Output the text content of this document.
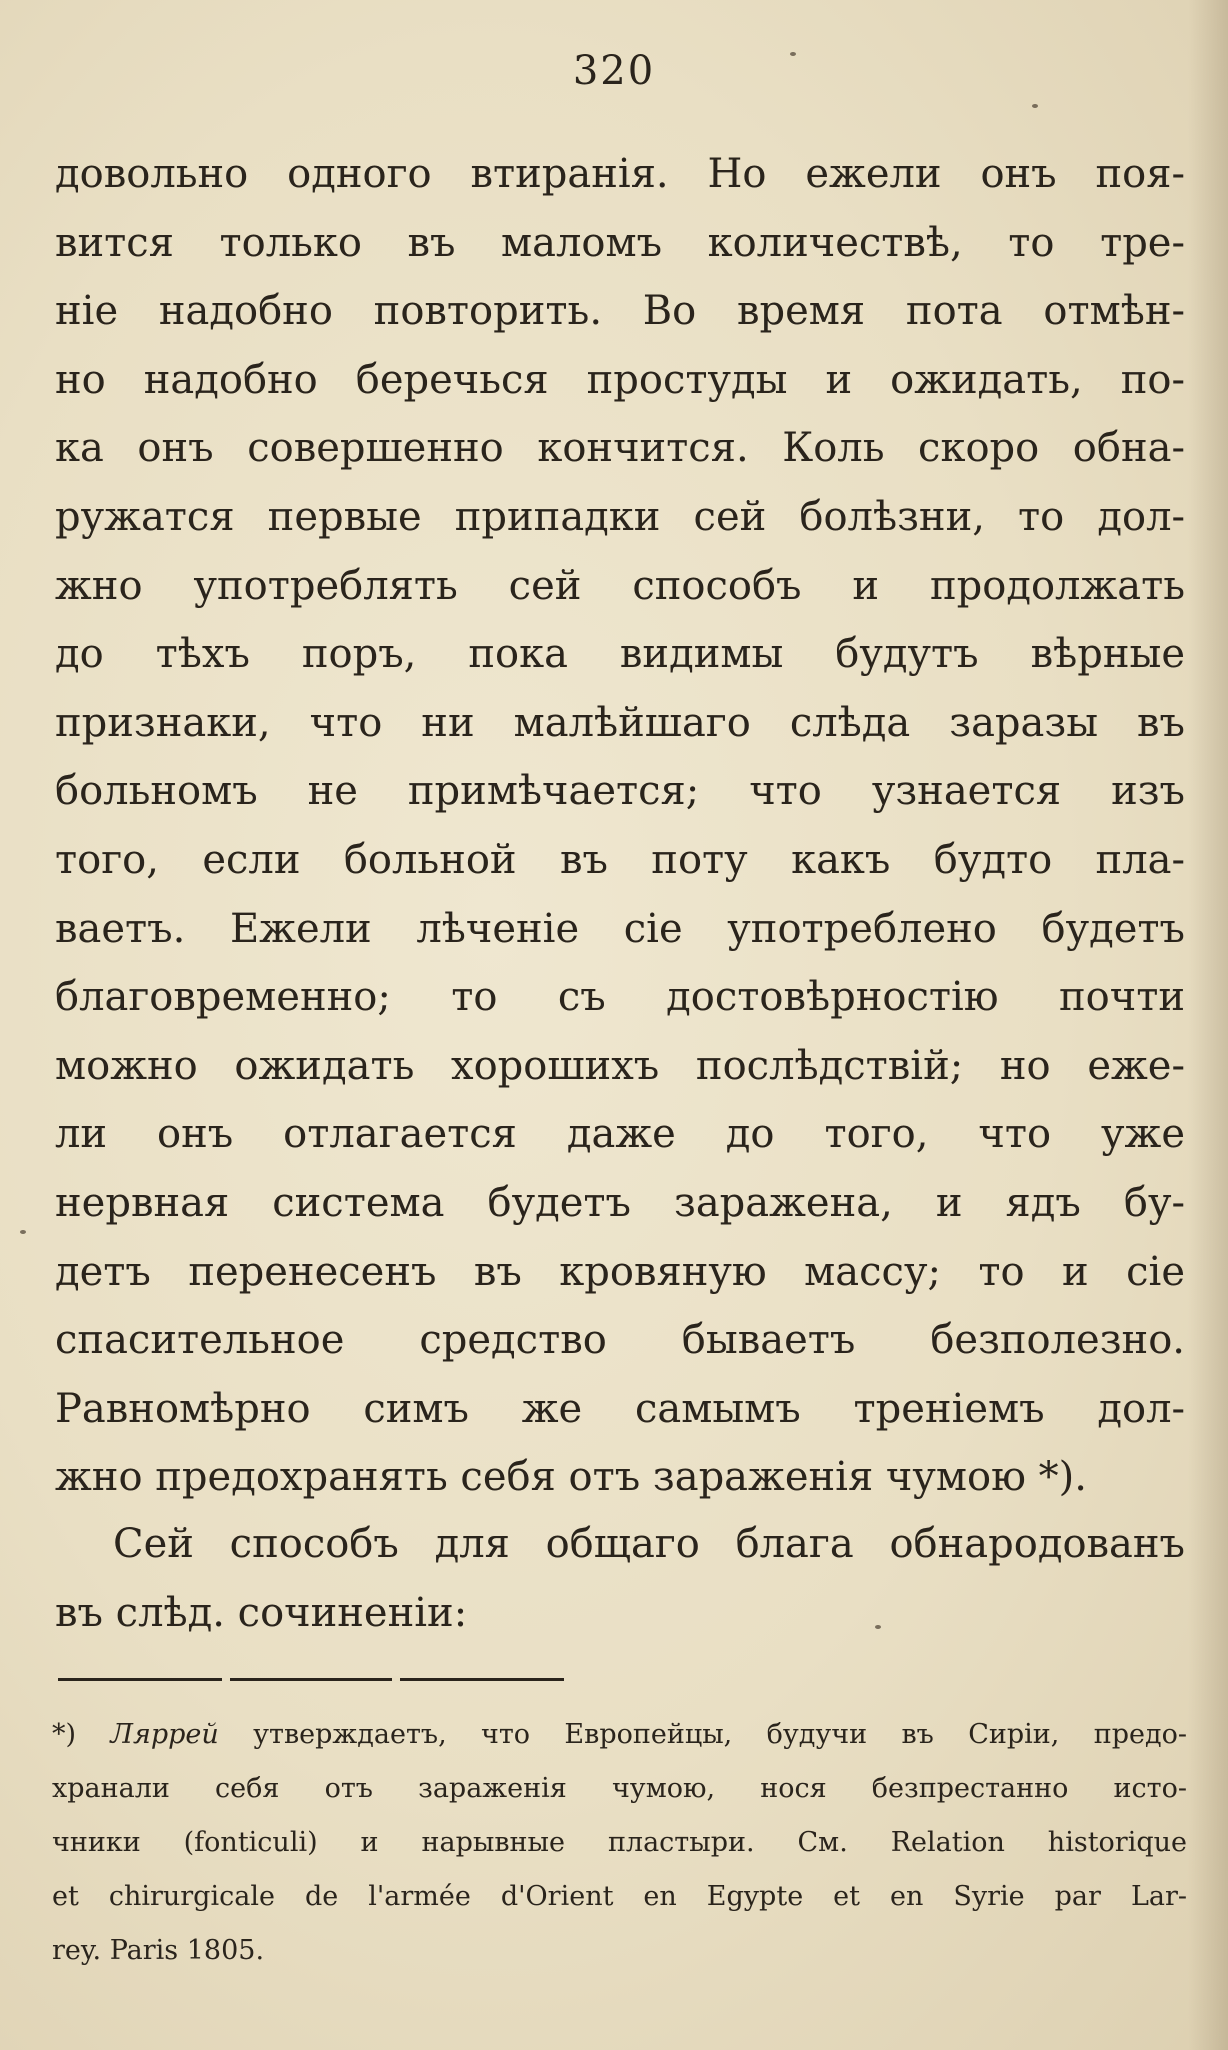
320
довольно одного втиранія. Но ежели онъ поя-
вится только въ маломъ количествѣ, то тре-
ніе надобно повторить. Во время пота отмѣн-
но надобно беречься простуды и ожидать, по-
ка онъ совершенно кончится. Коль скоро обна-
ружатся первые припадки сей болѣзни, то дол-
жно употреблять сей способъ и продолжать
до тѣхъ поръ, пока видимы будутъ вѣрные
признаки, что ни малѣйшаго слѣда заразы въ
больномъ не примѣчается; что узнается изъ
того, если больной въ поту какъ будто пла-
ваетъ. Ежели лѣченіе сіе употреблено будетъ
благовременно; то съ достовѣрностію почти
можно ожидать хорошихъ послѣдствій; но еже-
ли онъ отлагается даже до того, что уже
нервная система будетъ заражена, и ядъ бу-
детъ перенесенъ въ кровяную массу; то и сіе
спасительное средство бываетъ безполезно.
Равномѣрно симъ же самымъ треніемъ дол-
жно предохранять себя отъ зараженія чумою *).
Сей способъ для общаго блага обнародованъ
въ слѣд. сочиненіи:
*) Ляррей утверждаетъ, что Европейцы, будучи въ Сиріи, предо-
хранали себя отъ зараженія чумою, нося безпрестанно исто-
чники (fonticuli) и нарывные пластыри. См. Relation historique
et chirurgicale de l'armée d'Orient en Egypte et en Syrie par Lar-
rey. Paris 1805.
